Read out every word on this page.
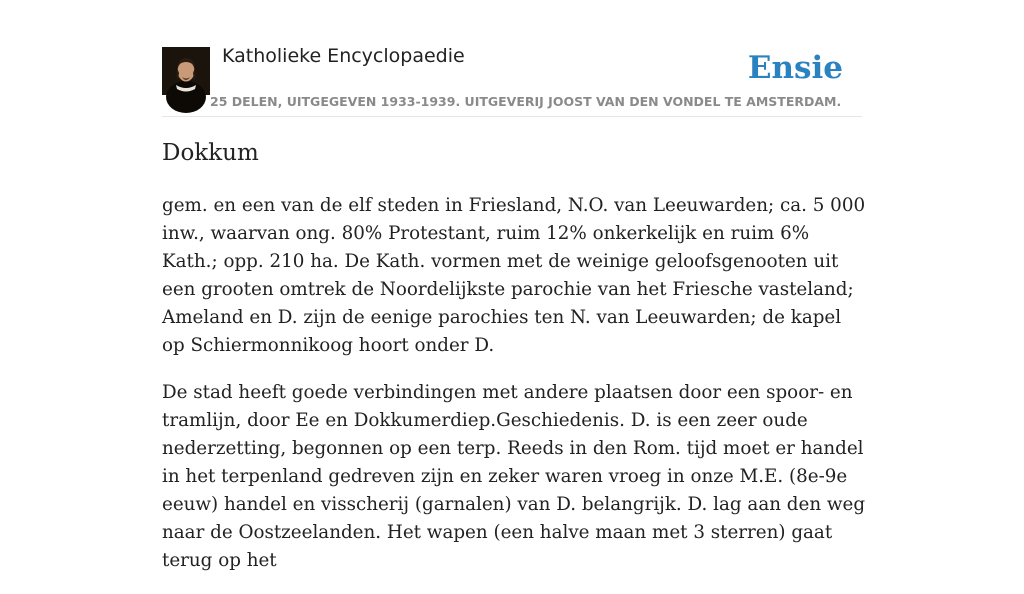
Katholieke Encyclopaedie
25 DELEN, UITGEGEVEN 1933-1939. UITGEVERIJ JOOST VAN DEN VONDEL TE AMSTERDAM.
Ensie
Dokkum

gem. en een van de elf steden in Friesland, N.O. van Leeuwarden; ca. 5 000 inw., waarvan ong. 80% Protestant, ruim 12% onkerkelijk en ruim 6% Kath.; opp. 210 ha. De Kath. vormen met de weinige geloofsgenooten uit een grooten omtrek de Noordelijkste parochie van het Friesche vasteland; Ameland en D. zijn de eenige parochies ten N. van Leeuwarden; de kapel op Schiermonnikoog hoort onder D.

De stad heeft goede verbindingen met andere plaatsen door een spoor- en tramlijn, door Ee en Dokkumerdiep.Geschiedenis. D. is een zeer oude nederzetting, begonnen op een terp. Reeds in den Rom. tijd moet er handel in het terpenland gedreven zijn en zeker waren vroeg in onze M.E. (8e-9e eeuw) handel en visscherij (garnalen) van D. belangrijk. D. lag aan den weg naar de Oostzeelanden. Het wapen (een halve maan met 3 sterren) gaat terug op het
